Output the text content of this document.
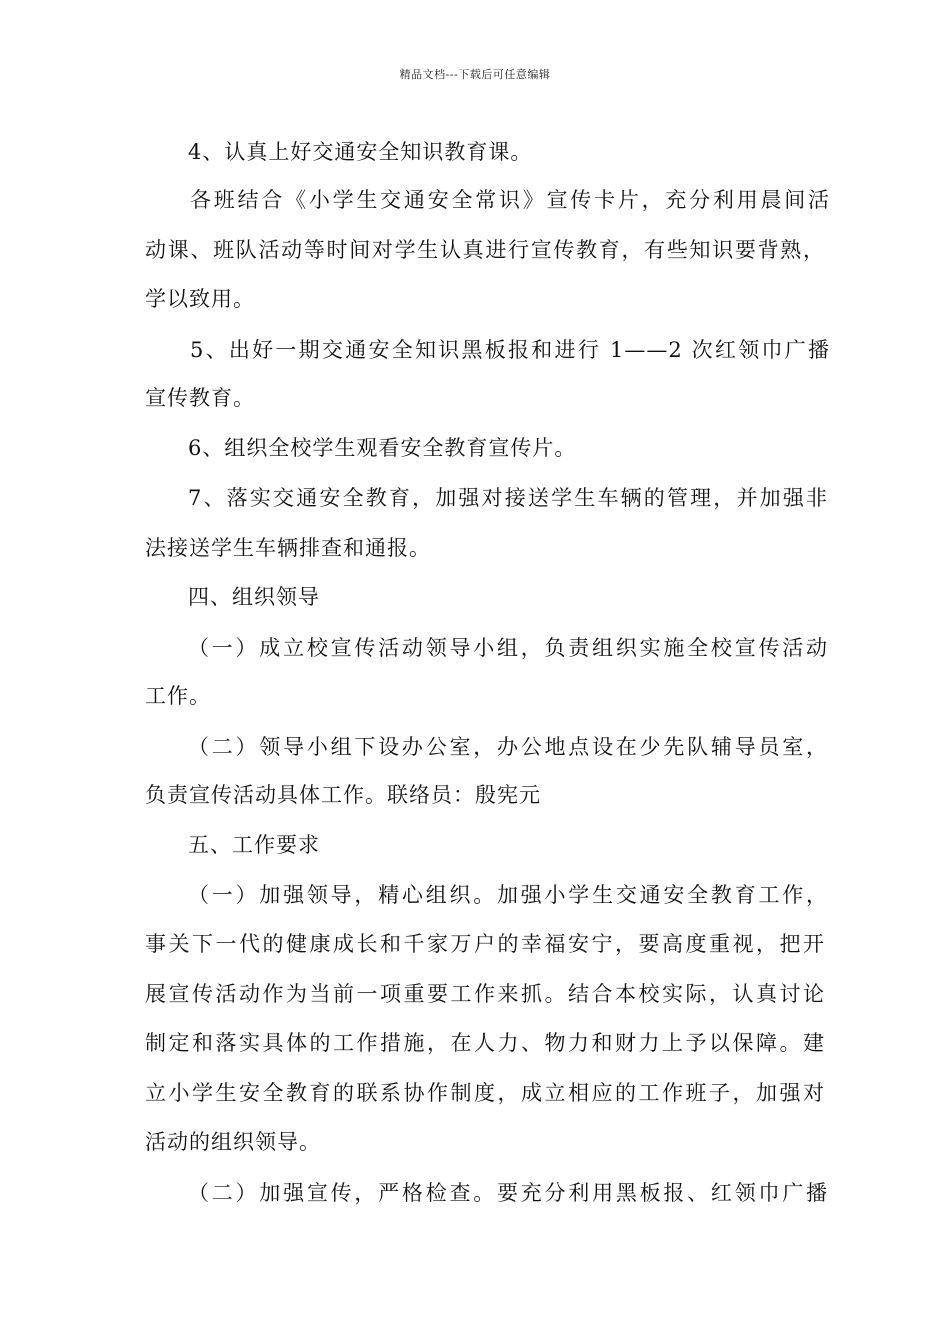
精品文档---下载后可任意编辑
4、认真上好交通安全知识教育课。
各班结合《小学生交通安全常识》宣传卡片，充分利用晨间活
动课、班队活动等时间对学生认真进行宣传教育，有些知识要背熟，
学以致用。
5、出好一期交通安全知识黑板报和进行 1——2 次红领巾广播
宣传教育。
6、组织全校学生观看安全教育宣传片。
7、落实交通安全教育，加强对接送学生车辆的管理，并加强非
法接送学生车辆排查和通报。
四、组织领导
（一）成立校宣传活动领导小组，负责组织实施全校宣传活动
工作。
（二）领导小组下设办公室，办公地点设在少先队辅导员室，
负责宣传活动具体工作。联络员：殷宪元
五、工作要求
（一）加强领导，精心组织。加强小学生交通安全教育工作，
事关下一代的健康成长和千家万户的幸福安宁，要高度重视，把开
展宣传活动作为当前一项重要工作来抓。结合本校实际，认真讨论
制定和落实具体的工作措施，在人力、物力和财力上予以保障。建
立小学生安全教育的联系协作制度，成立相应的工作班子，加强对
活动的组织领导。
（二）加强宣传，严格检查。要充分利用黑板报、红领巾广播
